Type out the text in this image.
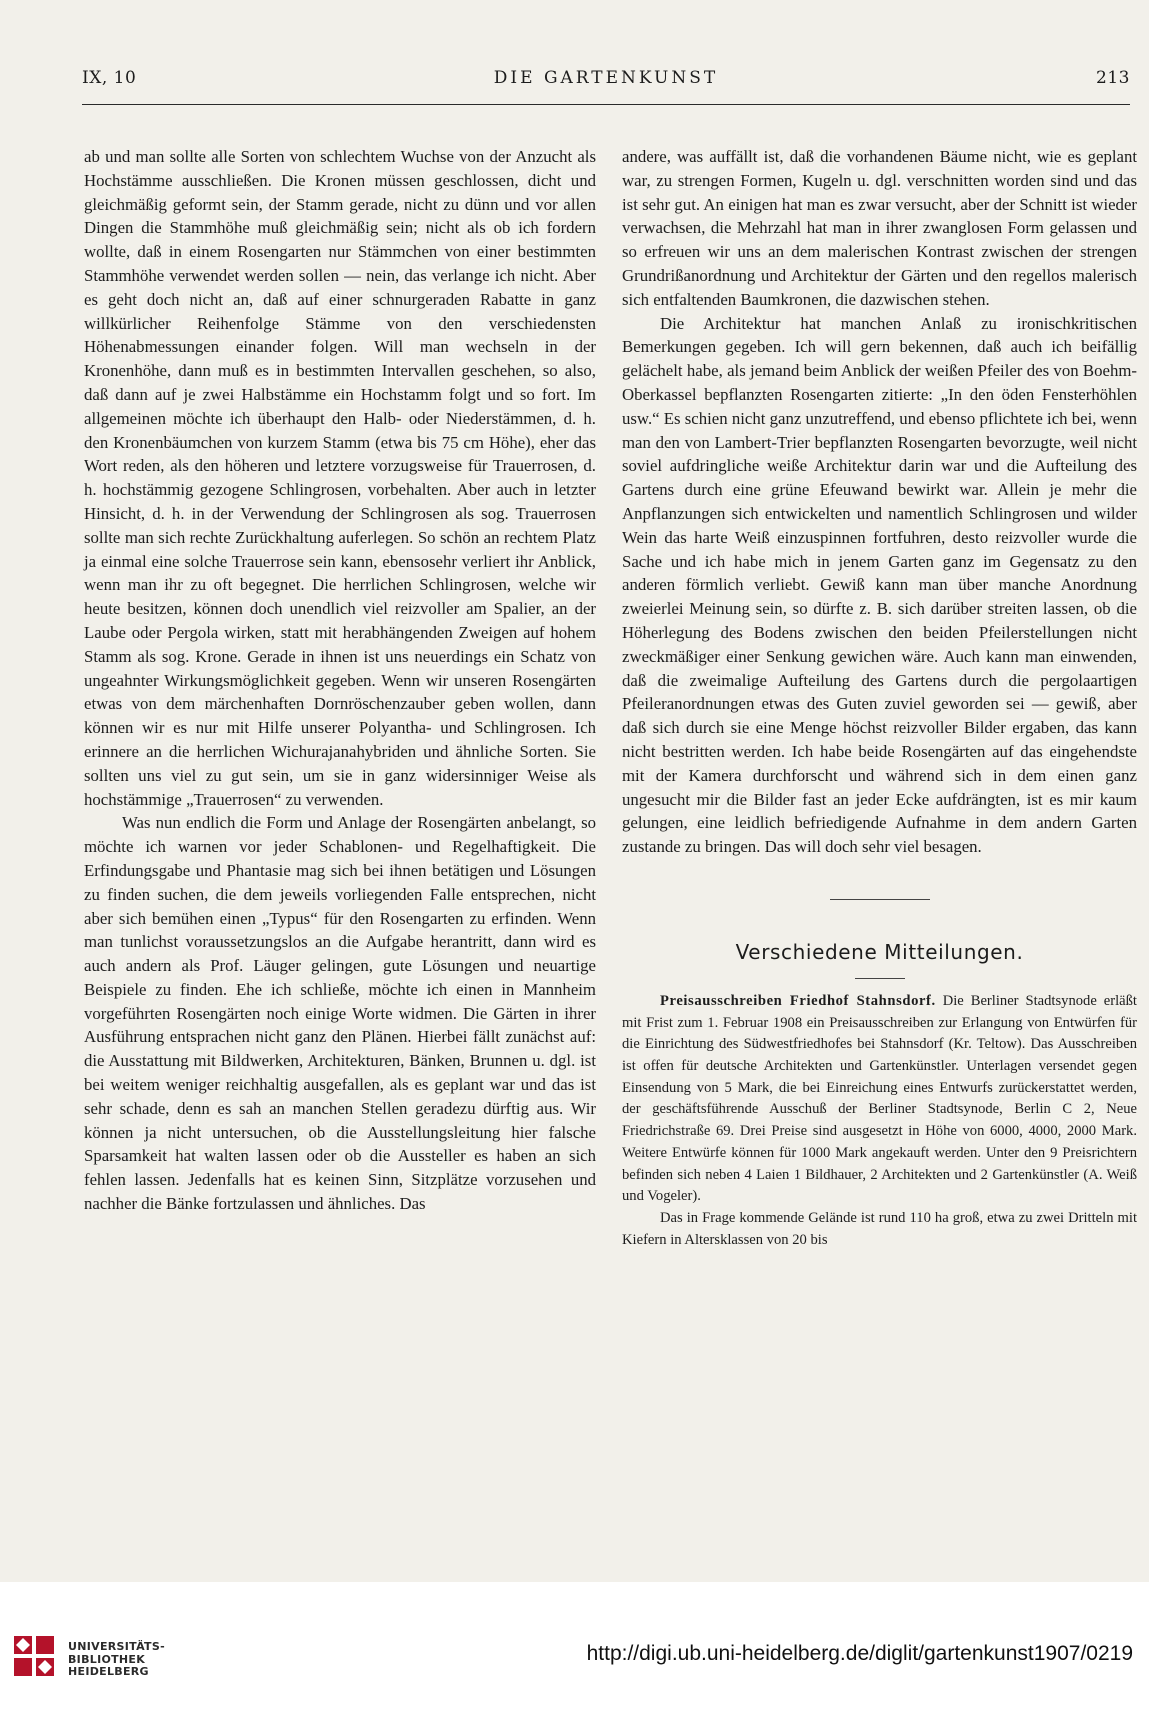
IX, 10	DIE GARTENKUNST	213

ab und man sollte alle Sorten von schlechtem Wuchse von der Anzucht als Hochstämme ausschließen. Die Kronen müssen geschlossen, dicht und gleichmäßig geformt sein, der Stamm gerade, nicht zu dünn und vor allen Dingen die Stammhöhe muß gleichmäßig sein; nicht als ob ich fordern wollte, daß in einem Rosengarten nur Stämmchen von einer bestimmten Stammhöhe verwendet werden sollen — nein, das verlange ich nicht. Aber es geht doch nicht an, daß auf einer schnurgeraden Rabatte in ganz willkürlicher Reihenfolge Stämme von den verschiedensten Höhenabmessungen einander folgen. Will man wechseln in der Kronenhöhe, dann muß es in bestimmten Intervallen geschehen, so also, daß dann auf je zwei Halbstämme ein Hochstamm folgt und so fort. Im allgemeinen möchte ich überhaupt den Halb- oder Niederstämmen, d. h. den Kronenbäumchen von kurzem Stamm (etwa bis 75 cm Höhe), eher das Wort reden, als den höheren und letztere vorzugsweise für Trauerrosen, d. h. hochstämmig gezogene Schlingrosen, vorbehalten. Aber auch in letzter Hinsicht, d. h. in der Verwendung der Schlingrosen als sog. Trauerrosen sollte man sich rechte Zurückhaltung auferlegen. So schön an rechtem Platz ja einmal eine solche Trauerrose sein kann, ebensosehr verliert ihr Anblick, wenn man ihr zu oft begegnet. Die herrlichen Schlingrosen, welche wir heute besitzen, können doch unendlich viel reizvoller am Spalier, an der Laube oder Pergola wirken, statt mit herabhängenden Zweigen auf hohem Stamm als sog. Krone. Gerade in ihnen ist uns neuerdings ein Schatz von ungeahnter Wirkungsmöglichkeit gegeben. Wenn wir unseren Rosengärten etwas von dem märchenhaften Dornröschenzauber geben wollen, dann können wir es nur mit Hilfe unserer Polyantha- und Schlingrosen. Ich erinnere an die herrlichen Wichurajanahybriden und ähnliche Sorten. Sie sollten uns viel zu gut sein, um sie in ganz widersinniger Weise als hochstämmige „Trauerrosen“ zu verwenden.

Was nun endlich die Form und Anlage der Rosengärten anbelangt, so möchte ich warnen vor jeder Schablonen- und Regelhaftigkeit. Die Erfindungsgabe und Phantasie mag sich bei ihnen betätigen und Lösungen zu finden suchen, die dem jeweils vorliegenden Falle entsprechen, nicht aber sich bemühen einen „Typus“ für den Rosengarten zu erfinden. Wenn man tunlichst voraussetzungslos an die Aufgabe herantritt, dann wird es auch andern als Prof. Läuger gelingen, gute Lösungen und neuartige Beispiele zu finden. Ehe ich schließe, möchte ich einen in Mannheim vorgeführten Rosengärten noch einige Worte widmen. Die Gärten in ihrer Ausführung entsprachen nicht ganz den Plänen. Hierbei fällt zunächst auf: die Ausstattung mit Bildwerken, Architekturen, Bänken, Brunnen u. dgl. ist bei weitem weniger reichhaltig ausgefallen, als es geplant war und das ist sehr schade, denn es sah an manchen Stellen geradezu dürftig aus. Wir können ja nicht untersuchen, ob die Ausstellungsleitung hier falsche Sparsamkeit hat walten lassen oder ob die Aussteller es haben an sich fehlen lassen. Jedenfalls hat es keinen Sinn, Sitzplätze vorzusehen und nachher die Bänke fortzulassen und ähnliches. Das

andere, was auffällt ist, daß die vorhandenen Bäume nicht, wie es geplant war, zu strengen Formen, Kugeln u. dgl. verschnitten worden sind und das ist sehr gut. An einigen hat man es zwar versucht, aber der Schnitt ist wieder verwachsen, die Mehrzahl hat man in ihrer zwanglosen Form gelassen und so erfreuen wir uns an dem malerischen Kontrast zwischen der strengen Grundrißanordnung und Architektur der Gärten und den regellos malerisch sich entfaltenden Baumkronen, die dazwischen stehen.

Die Architektur hat manchen Anlaß zu ironischkritischen Bemerkungen gegeben. Ich will gern bekennen, daß auch ich beifällig gelächelt habe, als jemand beim Anblick der weißen Pfeiler des von Boehm-Oberkassel bepflanzten Rosengarten zitierte: „In den öden Fensterhöhlen usw.“ Es schien nicht ganz unzutreffend, und ebenso pflichtete ich bei, wenn man den von Lambert-Trier bepflanzten Rosengarten bevorzugte, weil nicht soviel aufdringliche weiße Architektur darin war und die Aufteilung des Gartens durch eine grüne Efeuwand bewirkt war. Allein je mehr die Anpflanzungen sich entwickelten und namentlich Schlingrosen und wilder Wein das harte Weiß einzuspinnen fortfuhren, desto reizvoller wurde die Sache und ich habe mich in jenem Garten ganz im Gegensatz zu den anderen förmlich verliebt. Gewiß kann man über manche Anordnung zweierlei Meinung sein, so dürfte z. B. sich darüber streiten lassen, ob die Höherlegung des Bodens zwischen den beiden Pfeilerstellungen nicht zweckmäßiger einer Senkung gewichen wäre. Auch kann man einwenden, daß die zweimalige Aufteilung des Gartens durch die pergolaartigen Pfeileranordnungen etwas des Guten zuviel geworden sei — gewiß, aber daß sich durch sie eine Menge höchst reizvoller Bilder ergaben, das kann nicht bestritten werden. Ich habe beide Rosengärten auf das eingehendste mit der Kamera durchforscht und während sich in dem einen ganz ungesucht mir die Bilder fast an jeder Ecke aufdrängten, ist es mir kaum gelungen, eine leidlich befriedigende Aufnahme in dem andern Garten zustande zu bringen. Das will doch sehr viel besagen.

Verschiedene Mitteilungen.

Preisausschreiben Friedhof Stahnsdorf. Die Berliner Stadtsynode erläßt mit Frist zum 1. Februar 1908 ein Preisausschreiben zur Erlangung von Entwürfen für die Einrichtung des Südwestfriedhofes bei Stahnsdorf (Kr. Teltow). Das Ausschreiben ist offen für deutsche Architekten und Gartenkünstler. Unterlagen versendet gegen Einsendung von 5 Mark, die bei Einreichung eines Entwurfs zurückerstattet werden, der geschäftsführende Ausschuß der Berliner Stadtsynode, Berlin C 2, Neue Friedrichstraße 69. Drei Preise sind ausgesetzt in Höhe von 6000, 4000, 2000 Mark. Weitere Entwürfe können für 1000 Mark angekauft werden. Unter den 9 Preisrichtern befinden sich neben 4 Laien 1 Bildhauer, 2 Architekten und 2 Gartenkünstler (A. Weiß und Vogeler).

Das in Frage kommende Gelände ist rund 110 ha groß, etwa zu zwei Dritteln mit Kiefern in Altersklassen von 20 bis

UNIVERSITÄTS-
BIBLIOTHEK
HEIDELBERG
http://digi.ub.uni-heidelberg.de/diglit/gartenkunst1907/0219
